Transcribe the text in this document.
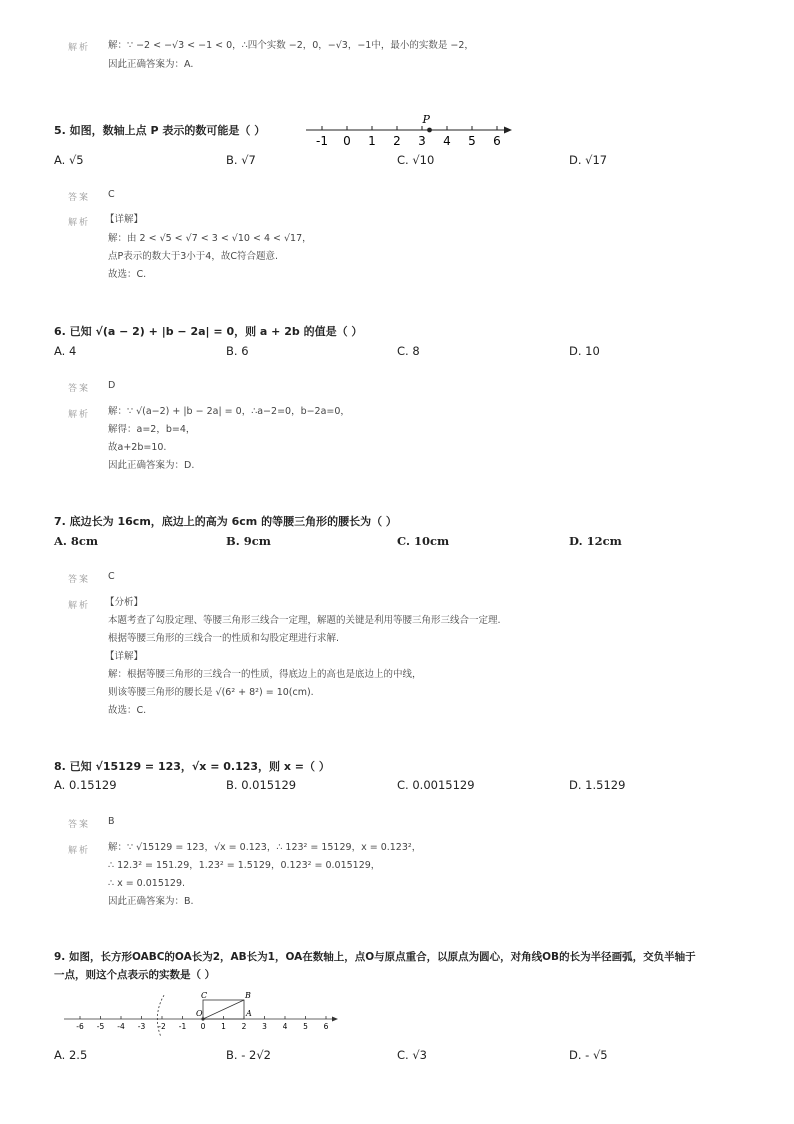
解析 解：∵ −2 < −√3 < −1 < 0，∴四个实数 −2，0，−√3，−1中，最小的实数是 −2，
因此正确答案为：A.
5. 如图，数轴上点 P 表示的数可能是（ ）
-1 0 1 2 3 4 5 6
P
A. √5	B. √7	C. √10	D. √17
答案 C
解析 【详解】
解：由 2 < √5 < √7 < 3 < √10 < 4 < √17，
点P表示的数大于3小于4，故C符合题意.
故选：C.
6. 已知 √(a − 2) + |b − 2a| = 0，则 a + 2b 的值是（ ）
A. 4	B. 6	C. 8	D. 10
答案 D
解析 解：∵ √(a−2) + |b − 2a| = 0，∴a−2=0，b−2a=0，
解得：a=2，b=4，
故a+2b=10.
因此正确答案为：D.
7. 底边长为 16cm，底边上的高为 6cm 的等腰三角形的腰长为（ ）
A. 8cm	B. 9cm	C. 10cm	D. 12cm
答案 C
解析 【分析】
本题考查了勾股定理、等腰三角形三线合一定理，解题的关键是利用等腰三角形三线合一定理.
根据等腰三角形的三线合一的性质和勾股定理进行求解.
【详解】
解：根据等腰三角形的三线合一的性质，得底边上的高也是底边上的中线，
则该等腰三角形的腰长是 √(6² + 8²) = 10(cm).
故选：C.
8. 已知 √15129 = 123，√x = 0.123，则 x =（ ）
A. 0.15129	B. 0.015129	C. 0.0015129	D. 1.5129
答案 B
解析 解：∵ √15129 = 123，√x = 0.123，∴ 123² = 15129，x = 0.123²，
∴ 12.3² = 151.29，1.23² = 1.5129，0.123² = 0.015129，
∴ x = 0.015129.
因此正确答案为：B.
9. 如图，长方形OABC的OA长为2，AB长为1，OA在数轴上，点O与原点重合，以原点为圆心，对角线OB的长为半径画弧，交负半轴于
一点，则这个点表示的实数是（ ）
-6 -5 -4 -3 -2 -1 0 1 2 3 4 5 6
C	B
O	A
A. 2.5	B. - 2√2	C. √3	D. - √5
